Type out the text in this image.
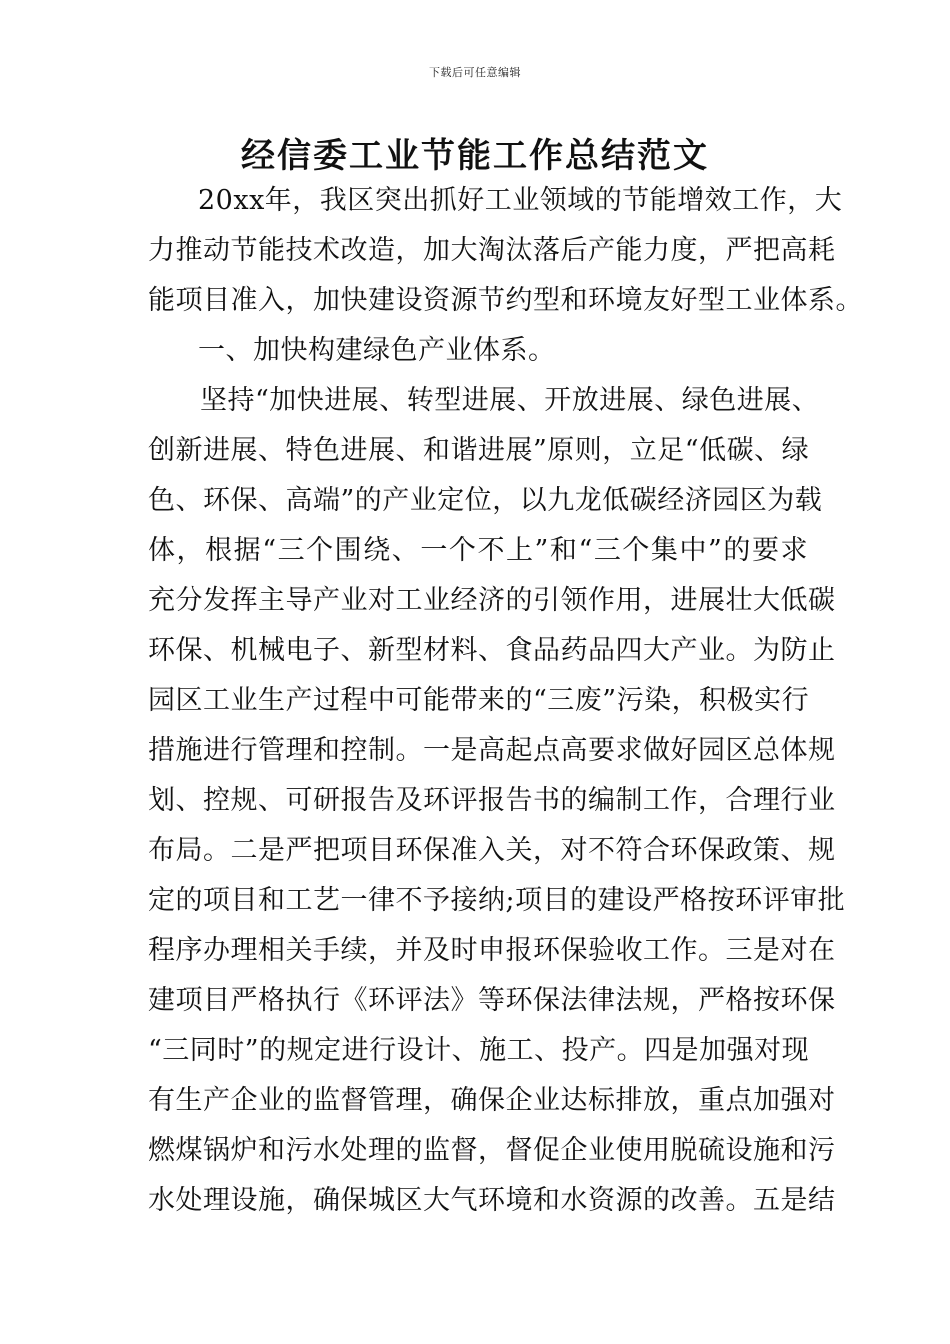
下载后可任意编辑
经信委工业节能工作总结范文
20xx年，我区突出抓好工业领域的节能增效工作，大
力推动节能技术改造，加大淘汰落后产能力度，严把高耗
能项目准入，加快建设资源节约型和环境友好型工业体系。
一、加快构建绿色产业体系。
坚持“加快进展、转型进展、开放进展、绿色进展、
创新进展、特色进展、和谐进展”原则，立足“低碳、绿
色、环保、高端”的产业定位，以九龙低碳经济园区为载
体，根据“三个围绕、一个不上”和“三个集中”的要求
充分发挥主导产业对工业经济的引领作用，进展壮大低碳
环保、机械电子、新型材料、食品药品四大产业。为防止
园区工业生产过程中可能带来的“三废”污染，积极实行
措施进行管理和控制。一是高起点高要求做好园区总体规
划、控规、可研报告及环评报告书的编制工作，合理行业
布局。二是严把项目环保准入关，对不符合环保政策、规
定的项目和工艺一律不予接纳;项目的建设严格按环评审批
程序办理相关手续，并及时申报环保验收工作。三是对在
建项目严格执行《环评法》等环保法律法规，严格按环保
“三同时”的规定进行设计、施工、投产。四是加强对现
有生产企业的监督管理，确保企业达标排放，重点加强对
燃煤锅炉和污水处理的监督，督促企业使用脱硫设施和污
水处理设施，确保城区大气环境和水资源的改善。五是结
